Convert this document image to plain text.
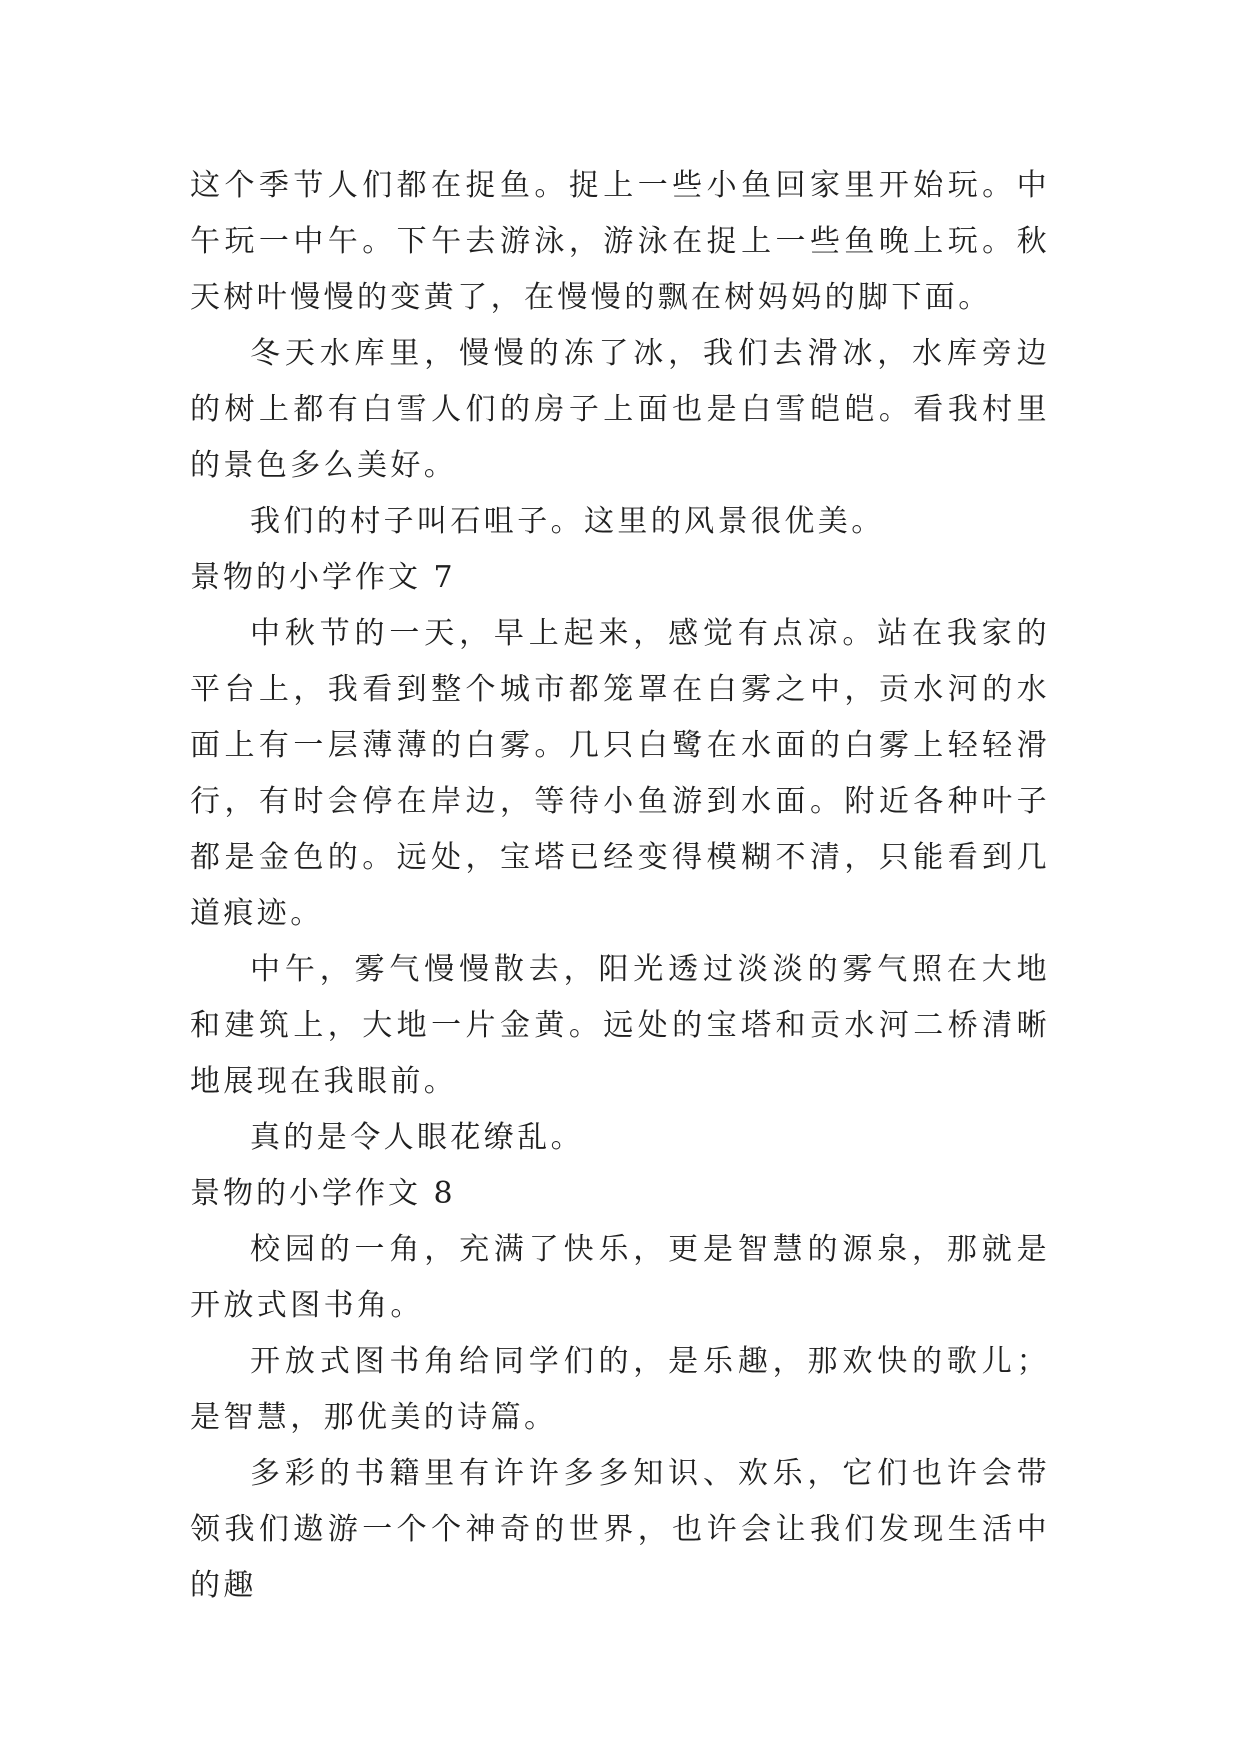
这个季节人们都在捉鱼。捉上一些小鱼回家里开始玩。中午玩一中午。下午去游泳，游泳在捉上一些鱼晚上玩。秋天树叶慢慢的变黄了，在慢慢的飘在树妈妈的脚下面。

冬天水库里，慢慢的冻了冰，我们去滑冰，水库旁边的树上都有白雪人们的房子上面也是白雪皑皑。看我村里的景色多么美好。

我们的村子叫石咀子。这里的风景很优美。

景物的小学作文 7

中秋节的一天，早上起来，感觉有点凉。站在我家的平台上，我看到整个城市都笼罩在白雾之中，贡水河的水面上有一层薄薄的白雾。几只白鹭在水面的白雾上轻轻滑行，有时会停在岸边，等待小鱼游到水面。附近各种叶子都是金色的。远处，宝塔已经变得模糊不清，只能看到几道痕迹。

中午，雾气慢慢散去，阳光透过淡淡的雾气照在大地和建筑上，大地一片金黄。远处的宝塔和贡水河二桥清晰地展现在我眼前。

真的是令人眼花缭乱。

景物的小学作文 8

校园的一角，充满了快乐，更是智慧的源泉，那就是开放式图书角。

开放式图书角给同学们的，是乐趣，那欢快的歌儿；是智慧，那优美的诗篇。

多彩的书籍里有许许多多知识、欢乐，它们也许会带领我们遨游一个个神奇的世界，也许会让我们发现生活中的趣
